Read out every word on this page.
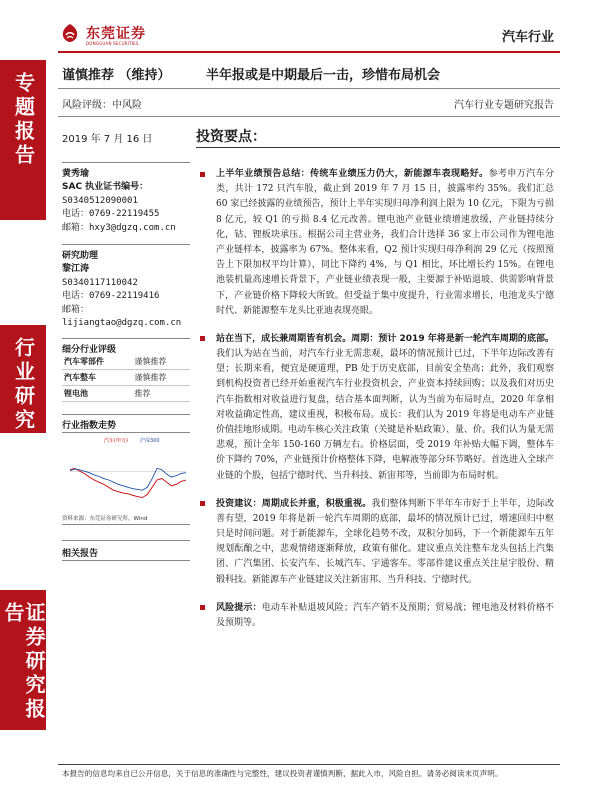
东莞证券
DONGGUAN SECURITIES	汽车行业
专题报告
行业研究
证券研究报告
谨慎推荐 （维持）	半年报或是中期最后一击，珍惜布局机会
风险评级：中风险	汽车行业专题研究报告
2019 年 7 月 16 日	投资要点：
黄秀瑜
SAC 执业证书编号：
S0340512090001
电话：0769-22119455
邮箱：hxy3@dgzq.com.cn
研究助理
黎江涛
S0340117110042
电话：0769-22119416
邮箱：
lijiangtao@dgzq.com.cn
细分行业评级
汽车零部件	谨慎推荐
汽车整车	谨慎推荐
锂电池	推荐
行业指数走势
汽车(申万) 沪深300
资料来源：东莞证券研究所，Wind
相关报告
上半年业绩预告总结：传统车业绩压力仍大，新能源车表现略好。参考申万汽车分类，共计 172 只汽车股，截止到 2019 年 7 月 15 日，披露率约 35%。我们汇总 60 家已经披露的业绩预告，预计上半年实现归母净利润上限为 10 亿元，下限为亏损 8 亿元，较 Q1 的亏损 8.4 亿元改善。锂电池产业链业绩增速放缓，产业链持续分化，钴、锂板块承压。根据公司主营业务，我们合计选择 36 家上市公司作为锂电池产业链样本，披露率为 67%。整体来看，Q2 预计实现归母净利润 29 亿元（按照预告上下限加权平均计算），同比下降约 4%，与 Q1 相比，环比增长约 15%。在锂电池装机量高速增长背景下，产业链业绩表现一般，主要源于补贴退坡、供需影响背景下，产业链价格下降较大所致。但受益于集中度提升，行业需求增长，电池龙头宁德时代、新能源整车龙头比亚迪表现亮眼。
站在当下，成长兼周期皆有机会。周期：预计 2019 年将是新一轮汽车周期的底部。我们认为站在当前，对汽车行业无需悲观，最坏的情况预计已过，下半年边际改善有望；长期来看，便宜是硬道理，PB 处于历史底部，目前安全垫高；此外，我们观察到机构投资者已经开始重视汽车行业投资机会，产业资本持续回购；以及我们对历史汽车指数相对收益进行复盘，结合基本面判断，认为当前为布局时点，2020 年拿相对收益确定性高，建议重视，积极布局。成长：我们认为 2019 年将是电动车产业链价值挂地形成期。电动车核心关注政策（关键是补贴政策）、量、价。我们认为量无需悲观，预计全年 150-160 万辆左右。价格层面，受 2019 年补贴大幅下调，整体车价下降约 70%，产业链预计价格整体下降，电解液等部分环节略好。首选进入全球产业链的个股，包括宁德时代、当升科技、新宙邦等，当前即为布局时机。
投资建议：周期成长并重，积极重视。我们整体判断下半年车市好于上半年，边际改善有望，2019 年将是新一轮汽车周期的底部，最坏的情况预计已过，增速回归中枢只是时间问题。对于新能源车，全球化趋势不改，双积分加码，下一个新能源车五年规划酝酿之中，悲观情绪逐渐释放，政策有催化。建议重点关注整车龙头包括上汽集团、广汽集团、长安汽车、长城汽车、宇通客车。零部件建议重点关注星宇股份、精锻科技。新能源车产业链建议关注新宙邦、当升科技、宁德时代。
风险提示：电动车补贴退坡风险；汽车产销不及预期；贸易战；锂电池及材料价格不及预期等。
本报告的信息均来自已公开信息，关于信息的准确性与完整性，建议投资者谨慎判断，据此入市，风险自担。请务必阅读末页声明。
